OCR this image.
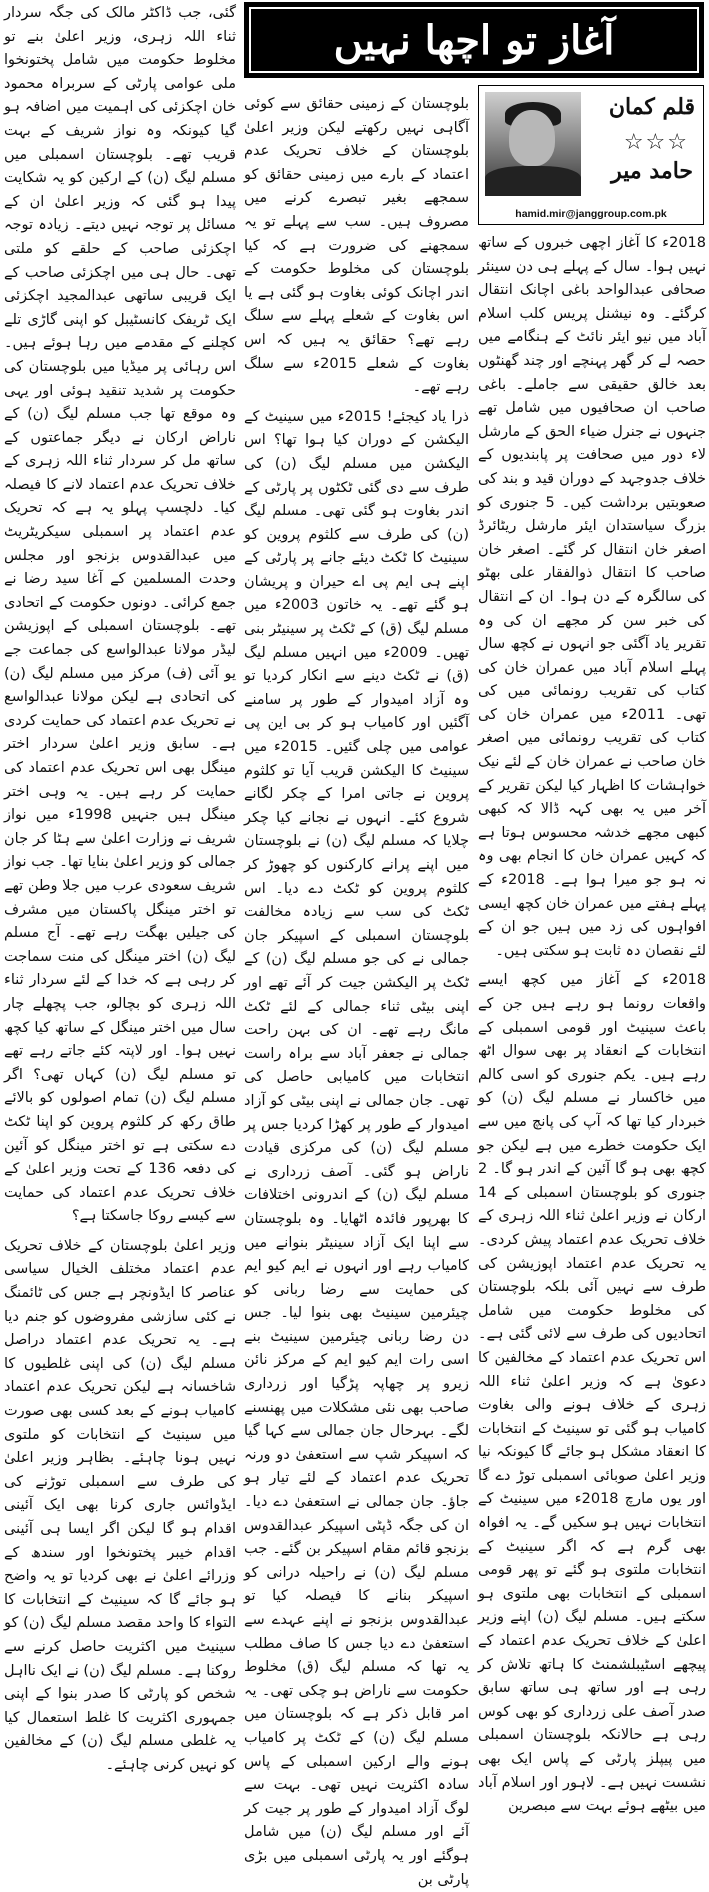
آغاز تو اچھا نہیں
قلم کمان
☆☆☆
حامد میر
hamid.mir@janggroup.com.pk

2018ء کا آغاز اچھی خبروں کے ساتھ نہیں ہوا۔ سال کے پہلے ہی دن سینئر صحافی عبدالواحد باغی اچانک انتقال کرگئے۔ وہ نیشنل پریس کلب اسلام آباد میں نیو ایئر نائٹ کے ہنگامے میں حصہ لے کر گھر پہنچے اور چند گھنٹوں بعد خالق حقیقی سے جاملے۔ باغی صاحب ان صحافیوں میں شامل تھے جنہوں نے جنرل ضیاء الحق کے مارشل لاء دور میں صحافت پر پابندیوں کے خلاف جدوجہد کے دوران قید و بند کی صعوبتیں برداشت کیں۔ 5 جنوری کو بزرگ سیاستدان ایئر مارشل ریٹائرڈ اصغر خان انتقال کر گئے۔ اصغر خان صاحب کا انتقال ذوالفقار علی بھٹو کی سالگرہ کے دن ہوا۔ ان کے انتقال کی خبر سن کر مجھے ان کی وہ تقریر یاد آگئی جو انہوں نے کچھ سال پہلے اسلام آباد میں عمران خان کی کتاب کی تقریب رونمائی میں کی تھی۔ 2011ء میں عمران خان کی کتاب کی تقریب رونمائی میں اصغر خان صاحب نے عمران خان کے لئے نیک خواہشات کا اظہار کیا لیکن تقریر کے آخر میں یہ بھی کہہ ڈالا کہ کبھی کبھی مجھے خدشہ محسوس ہوتا ہے کہ کہیں عمران خان کا انجام بھی وہ نہ ہو جو میرا ہوا ہے۔ 2018ء کے پہلے ہفتے میں عمران خان کچھ ایسی افواہوں کی زد میں ہیں جو ان کے لئے نقصان دہ ثابت ہو سکتی ہیں۔

2018ء کے آغاز میں کچھ ایسے واقعات رونما ہو رہے ہیں جن کے باعث سینیٹ اور قومی اسمبلی کے انتخابات کے انعقاد پر بھی سوال اٹھ رہے ہیں۔ یکم جنوری کو اسی کالم میں خاکسار نے مسلم لیگ (ن) کو خبردار کیا تھا کہ آپ کی پانچ میں سے ایک حکومت خطرے میں ہے لیکن جو کچھ بھی ہو گا آئین کے اندر ہو گا۔ 2 جنوری کو بلوچستان اسمبلی کے 14 ارکان نے وزیر اعلیٰ ثناء اللہ زہری کے خلاف تحریک عدم اعتماد پیش کردی۔ یہ تحریک عدم اعتماد اپوزیشن کی طرف سے نہیں آئی بلکہ بلوچستان کی مخلوط حکومت میں شامل اتحادیوں کی طرف سے لائی گئی ہے۔ اس تحریک عدم اعتماد کے مخالفین کا دعویٰ ہے کہ وزیر اعلیٰ ثناء اللہ زہری کے خلاف ہونے والی بغاوت کامیاب ہو گئی تو سینیٹ کے انتخابات کا انعقاد مشکل ہو جائے گا کیونکہ نیا وزیر اعلیٰ صوبائی اسمبلی توڑ دے گا اور یوں مارچ 2018ء میں سینیٹ کے انتخابات نہیں ہو سکیں گے۔ یہ افواہ بھی گرم ہے کہ اگر سینیٹ کے انتخابات ملتوی ہو گئے تو پھر قومی اسمبلی کے انتخابات بھی ملتوی ہو سکتے ہیں۔ مسلم لیگ (ن) اپنے وزیر اعلیٰ کے خلاف تحریک عدم اعتماد کے پیچھے اسٹیبلشمنٹ کا ہاتھ تلاش کر رہی ہے اور ساتھ ہی ساتھ سابق صدر آصف علی زرداری کو بھی کوس رہی ہے حالانکہ بلوچستان اسمبلی میں پیپلز پارٹی کے پاس ایک بھی نشست نہیں ہے۔ لاہور اور اسلام آباد میں بیٹھے ہوئے بہت سے مبصرین

بلوچستان کے زمینی حقائق سے کوئی آگاہی نہیں رکھتے لیکن وزیر اعلیٰ بلوچستان کے خلاف تحریک عدم اعتماد کے بارے میں زمینی حقائق کو سمجھے بغیر تبصرے کرنے میں مصروف ہیں۔ سب سے پہلے تو یہ سمجھنے کی ضرورت ہے کہ کیا بلوچستان کی مخلوط حکومت کے اندر اچانک کوئی بغاوت ہو گئی ہے یا اس بغاوت کے شعلے پہلے سے سلگ رہے تھے؟ حقائق یہ ہیں کہ اس بغاوت کے شعلے 2015ء سے سلگ رہے تھے۔

ذرا یاد کیجئے! 2015ء میں سینیٹ کے الیکشن کے دوران کیا ہوا تھا؟ اس الیکشن میں مسلم لیگ (ن) کی طرف سے دی گئی ٹکٹوں پر پارٹی کے اندر بغاوت ہو گئی تھی۔ مسلم لیگ (ن) کی طرف سے کلثوم پروین کو سینیٹ کا ٹکٹ دیئے جانے پر پارٹی کے اپنے ہی ایم پی اے حیران و پریشان ہو گئے تھے۔ یہ خاتون 2003ء میں مسلم لیگ (ق) کے ٹکٹ پر سینیٹر بنی تھیں۔ 2009ء میں انہیں مسلم لیگ (ق) نے ٹکٹ دینے سے انکار کردیا تو وہ آزاد امیدوار کے طور پر سامنے آگئیں اور کامیاب ہو کر بی این پی عوامی میں چلی گئیں۔ 2015ء میں سینیٹ کا الیکشن قریب آیا تو کلثوم پروین نے جاتی امرا کے چکر لگانے شروع کئے۔ انہوں نے نجانے کیا چکر چلایا کہ مسلم لیگ (ن) نے بلوچستان میں اپنے پرانے کارکنوں کو چھوڑ کر کلثوم پروین کو ٹکٹ دے دیا۔ اس ٹکٹ کی سب سے زیادہ مخالفت بلوچستان اسمبلی کے اسپیکر جان جمالی نے کی جو مسلم لیگ (ن) کے ٹکٹ پر الیکشن جیت کر آئے تھے اور اپنی بیٹی ثناء جمالی کے لئے ٹکٹ مانگ رہے تھے۔ ان کی بہن راحت جمالی نے جعفر آباد سے براہ راست انتخابات میں کامیابی حاصل کی تھی۔ جان جمالی نے اپنی بیٹی کو آزاد امیدوار کے طور پر کھڑا کردیا جس پر مسلم لیگ (ن) کی مرکزی قیادت ناراض ہو گئی۔ آصف زرداری نے مسلم لیگ (ن) کے اندرونی اختلافات کا بھرپور فائدہ اٹھایا۔ وہ بلوچستان سے اپنا ایک آزاد سینیٹر بنوانے میں کامیاب رہے اور انہوں نے ایم کیو ایم کی حمایت سے رضا ربانی کو چیئرمین سینیٹ بھی بنوا لیا۔ جس دن رضا ربانی چیئرمین سینیٹ بنے اسی رات ایم کیو ایم کے مرکز نائن زیرو پر چھاپہ پڑگیا اور زرداری صاحب بھی نئی مشکلات میں پھنسنے لگے۔ بہرحال جان جمالی سے کہا گیا کہ اسپیکر شپ سے استعفیٰ دو ورنہ تحریک عدم اعتماد کے لئے تیار ہو جاؤ۔ جان جمالی نے استعفیٰ دے دیا۔ ان کی جگہ ڈپٹی اسپیکر عبدالقدوس بزنجو قائم مقام اسپیکر بن گئے۔ جب مسلم لیگ (ن) نے راحیلہ درانی کو اسپیکر بنانے کا فیصلہ کیا تو عبدالقدوس بزنجو نے اپنے عہدے سے استعفیٰ دے دیا جس کا صاف مطلب یہ تھا کہ مسلم لیگ (ق) مخلوط حکومت سے ناراض ہو چکی تھی۔ یہ امر قابل ذکر ہے کہ بلوچستان میں مسلم لیگ (ن) کے ٹکٹ پر کامیاب ہونے والے ارکین اسمبلی کے پاس سادہ اکثریت نہیں تھی۔ بہت سے لوگ آزاد امیدوار کے طور پر جیت کر آئے اور مسلم لیگ (ن) میں شامل ہوگئے اور یہ پارٹی اسمبلی میں بڑی پارٹی بن

گئی، جب ڈاکٹر مالک کی جگہ سردار ثناء اللہ زہری، وزیر اعلیٰ بنے تو مخلوط حکومت میں شامل پختونخوا ملی عوامی پارٹی کے سربراہ محمود خان اچکزئی کی اہمیت میں اضافہ ہو گیا کیونکہ وہ نواز شریف کے بہت قریب تھے۔ بلوچستان اسمبلی میں مسلم لیگ (ن) کے ارکین کو یہ شکایت پیدا ہو گئی کہ وزیر اعلیٰ ان کے مسائل پر توجہ نہیں دیتے۔ زیادہ توجہ اچکزئی صاحب کے حلقے کو ملتی تھی۔ حال ہی میں اچکزئی صاحب کے ایک قریبی ساتھی عبدالمجید اچکزئی ایک ٹریفک کانسٹیبل کو اپنی گاڑی تلے کچلنے کے مقدمے میں رہا ہوئے ہیں۔ اس رہائی پر میڈیا میں بلوچستان کی حکومت پر شدید تنقید ہوئی اور یہی وہ موقع تھا جب مسلم لیگ (ن) کے ناراض ارکان نے دیگر جماعتوں کے ساتھ مل کر سردار ثناء اللہ زہری کے خلاف تحریک عدم اعتماد لانے کا فیصلہ کیا۔ دلچسپ پہلو یہ ہے کہ تحریک عدم اعتماد پر اسمبلی سیکریٹریٹ میں عبدالقدوس بزنجو اور مجلس وحدت المسلمین کے آغا سید رضا نے جمع کرائی۔ دونوں حکومت کے اتحادی تھے۔ بلوچستان اسمبلی کے اپوزیشن لیڈر مولانا عبدالواسع کی جماعت جے یو آئی (ف) مرکز میں مسلم لیگ (ن) کی اتحادی ہے لیکن مولانا عبدالواسع نے تحریک عدم اعتماد کی حمایت کردی ہے۔ سابق وزیر اعلیٰ سردار اختر مینگل بھی اس تحریک عدم اعتماد کی حمایت کر رہے ہیں۔ یہ وہی اختر مینگل ہیں جنہیں 1998ء میں نواز شریف نے وزارت اعلیٰ سے ہٹا کر جان جمالی کو وزیر اعلیٰ بنایا تھا۔ جب نواز شریف سعودی عرب میں جلا وطن تھے تو اختر مینگل پاکستان میں مشرف کی جیلیں بھگت رہے تھے۔ آج مسلم لیگ (ن) اختر مینگل کی منت سماجت کر رہی ہے کہ خدا کے لئے سردار ثناء اللہ زہری کو بچالو، جب پچھلے چار سال میں اختر مینگل کے ساتھ کیا کچھ نہیں ہوا۔ اور لاپتہ کئے جاتے رہے تھے تو مسلم لیگ (ن) کہاں تھی؟ اگر مسلم لیگ (ن) تمام اصولوں کو بالائے طاق رکھ کر کلثوم پروین کو اپنا ٹکٹ دے سکتی ہے تو اختر مینگل کو آئین کی دفعہ 136 کے تحت وزیر اعلیٰ کے خلاف تحریک عدم اعتماد کی حمایت سے کیسے روکا جاسکتا ہے؟

وزیر اعلیٰ بلوچستان کے خلاف تحریک عدم اعتماد مختلف الخیال سیاسی عناصر کا ایڈونچر ہے جس کی ٹائمنگ نے کئی سازشی مفروضوں کو جنم دیا ہے۔ یہ تحریک عدم اعتماد دراصل مسلم لیگ (ن) کی اپنی غلطیوں کا شاخسانہ ہے لیکن تحریک عدم اعتماد کامیاب ہونے کے بعد کسی بھی صورت میں سینیٹ کے انتخابات کو ملتوی نہیں ہونا چاہئے۔ بظاہر وزیر اعلیٰ کی طرف سے اسمبلی توڑنے کی ایڈوائس جاری کرنا بھی ایک آئینی اقدام ہو گا لیکن اگر ایسا ہی آئینی اقدام خیبر پختونخوا اور سندھ کے وزرائے اعلیٰ نے بھی کردیا تو یہ واضح ہو جائے گا کہ سینیٹ کے انتخابات کا التواء کا واحد مقصد مسلم لیگ (ن) کو سینیٹ میں اکثریت حاصل کرنے سے روکنا ہے۔ مسلم لیگ (ن) نے ایک نااہل شخص کو پارٹی کا صدر بنوا کے اپنی جمہوری اکثریت کا غلط استعمال کیا یہ غلطی مسلم لیگ (ن) کے مخالفین کو نہیں کرنی چاہئے۔
